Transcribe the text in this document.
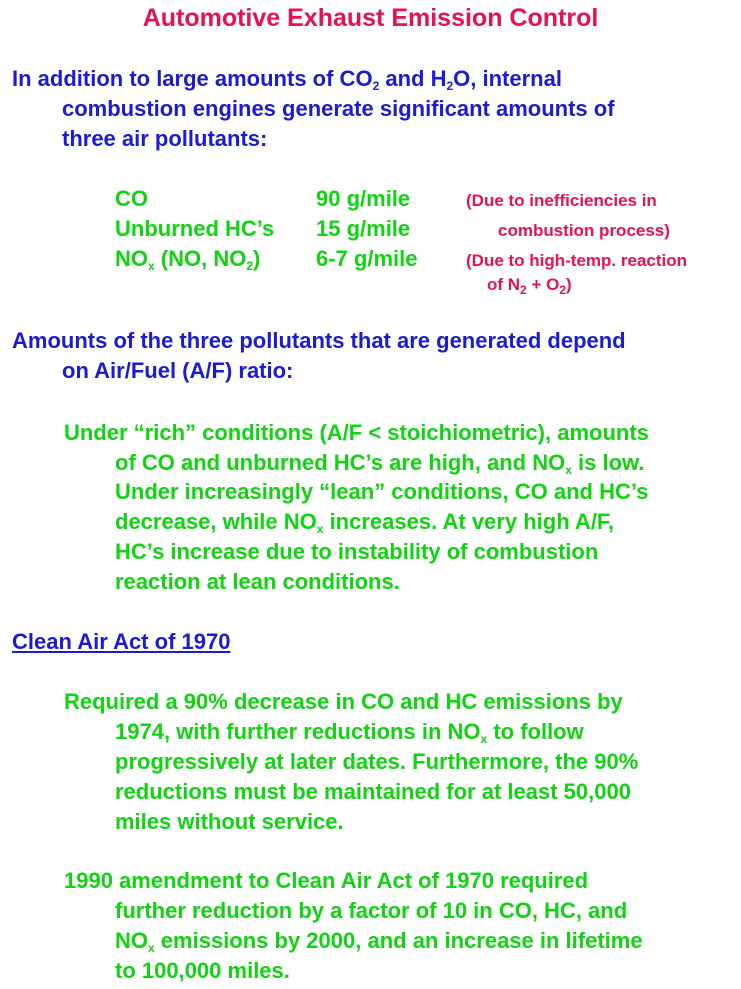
Automotive Exhaust Emission Control
In addition to large amounts of $CO_2$ and $H_2O$, internal
combustion engines generate significant amounts of
three air pollutants:
CO	90 g/mile
Unburned HC’s 15 g/mile
$NO_x$ (NO, $NO_2$)	6-7 g/mile
(Due to inefficiencies in
combustion process)
(Due to high-temp. reaction
of $N_2 + O_2$)
Amounts of the three pollutants that are generated depend
on Air/Fuel (A/F) ratio:
Under “rich” conditions (A/F < stoichiometric), amounts
of CO and unburned HC’s are high, and $NO_x$ is low.
Under increasingly “lean” conditions, CO and HC’s
decrease, while $NO_x$ increases. At very high A/F,
HC’s increase due to instability of combustion
reaction at lean conditions.
Clean Air Act of 1970
Required a 90% decrease in CO and HC emissions by
1974, with further reductions in $NO_x$ to follow
progressively at later dates. Furthermore, the 90%
reductions must be maintained for at least 50,000
miles without service.
1990 amendment to Clean Air Act of 1970 required
further reduction by a factor of 10 in CO, HC, and
$NO_x$ emissions by 2000, and an increase in lifetime
to 100,000 miles.
